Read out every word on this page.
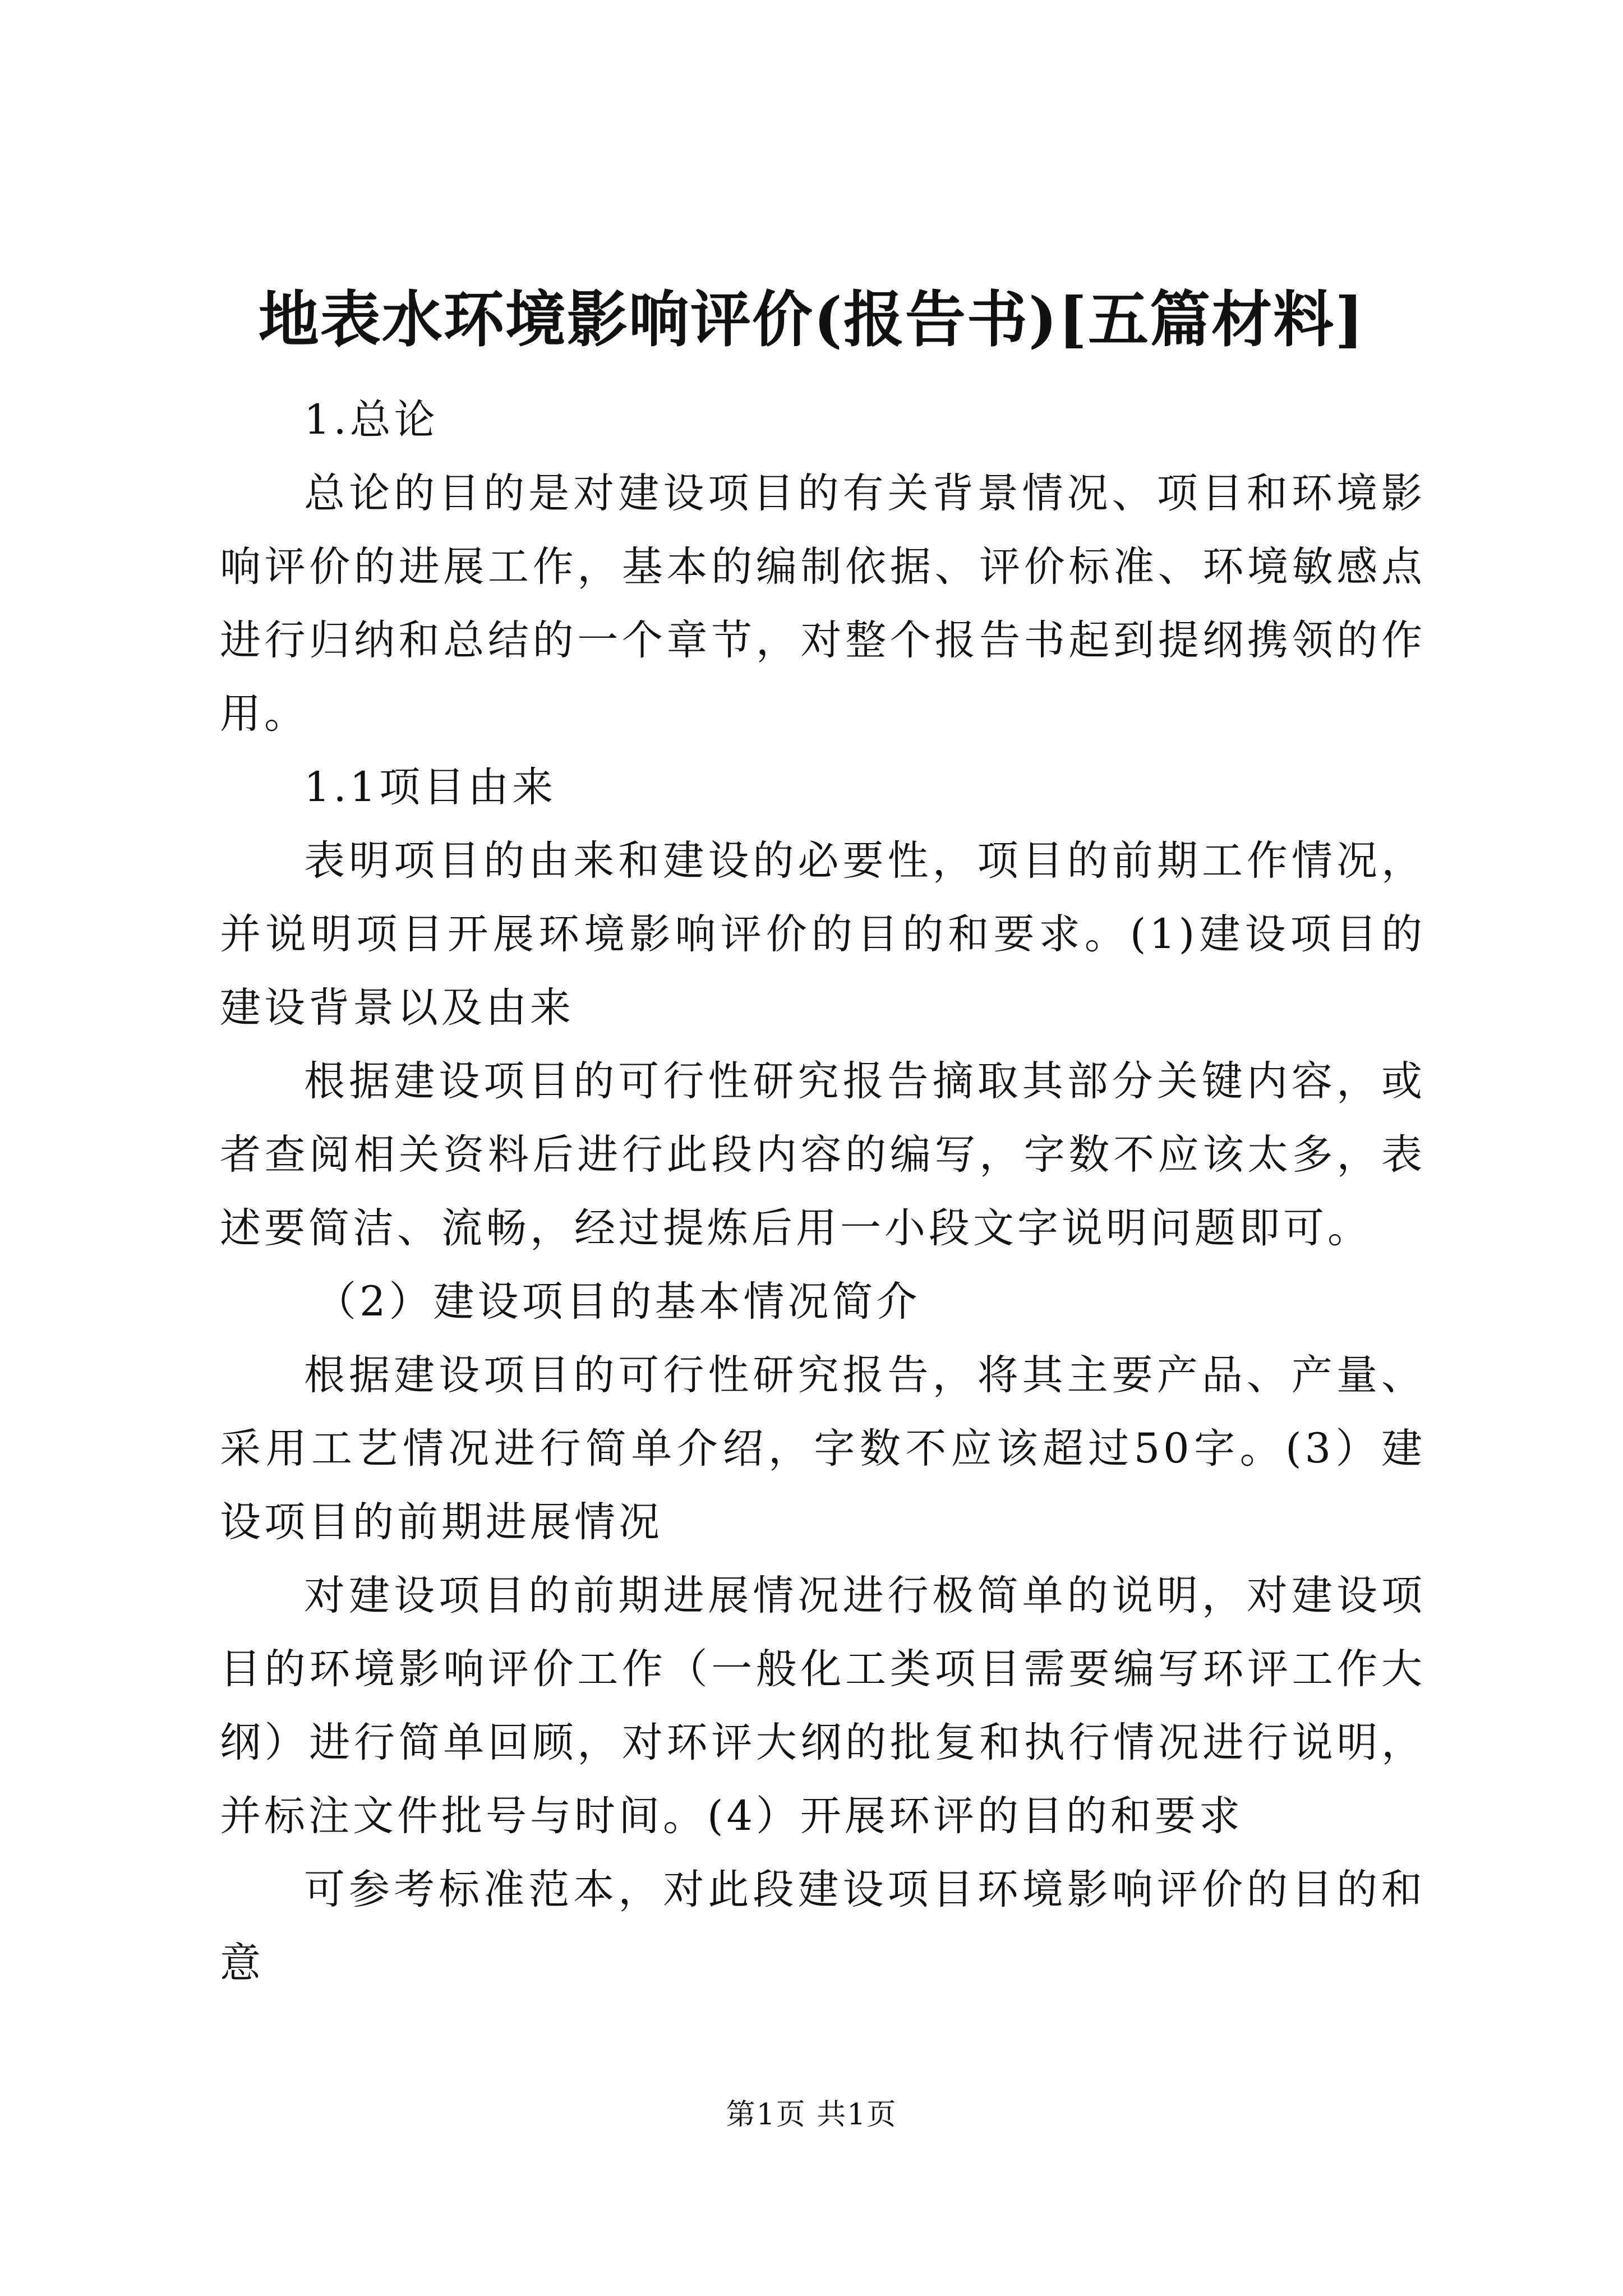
地表水环境影响评价(报告书)[五篇材料]

1.总论

总论的目的是对建设项目的有关背景情况、项目和环境影响评价的进展工作，基本的编制依据、评价标准、环境敏感点进行归纳和总结的一个章节，对整个报告书起到提纲携领的作用。

1.1项目由来

表明项目的由来和建设的必要性，项目的前期工作情况，并说明项目开展环境影响评价的目的和要求。(1)建设项目的建设背景以及由来

根据建设项目的可行性研究报告摘取其部分关键内容，或者查阅相关资料后进行此段内容的编写，字数不应该太多，表述要简洁、流畅，经过提炼后用一小段文字说明问题即可。

（2）建设项目的基本情况简介

根据建设项目的可行性研究报告，将其主要产品、产量、采用工艺情况进行简单介绍，字数不应该超过50字。(3）建设项目的前期进展情况

对建设项目的前期进展情况进行极简单的说明，对建设项目的环境影响评价工作（一般化工类项目需要编写环评工作大纲）进行简单回顾，对环评大纲的批复和执行情况进行说明，并标注文件批号与时间。(4）开展环评的目的和要求

可参考标准范本，对此段建设项目环境影响评价的目的和意

第1页 共1页
